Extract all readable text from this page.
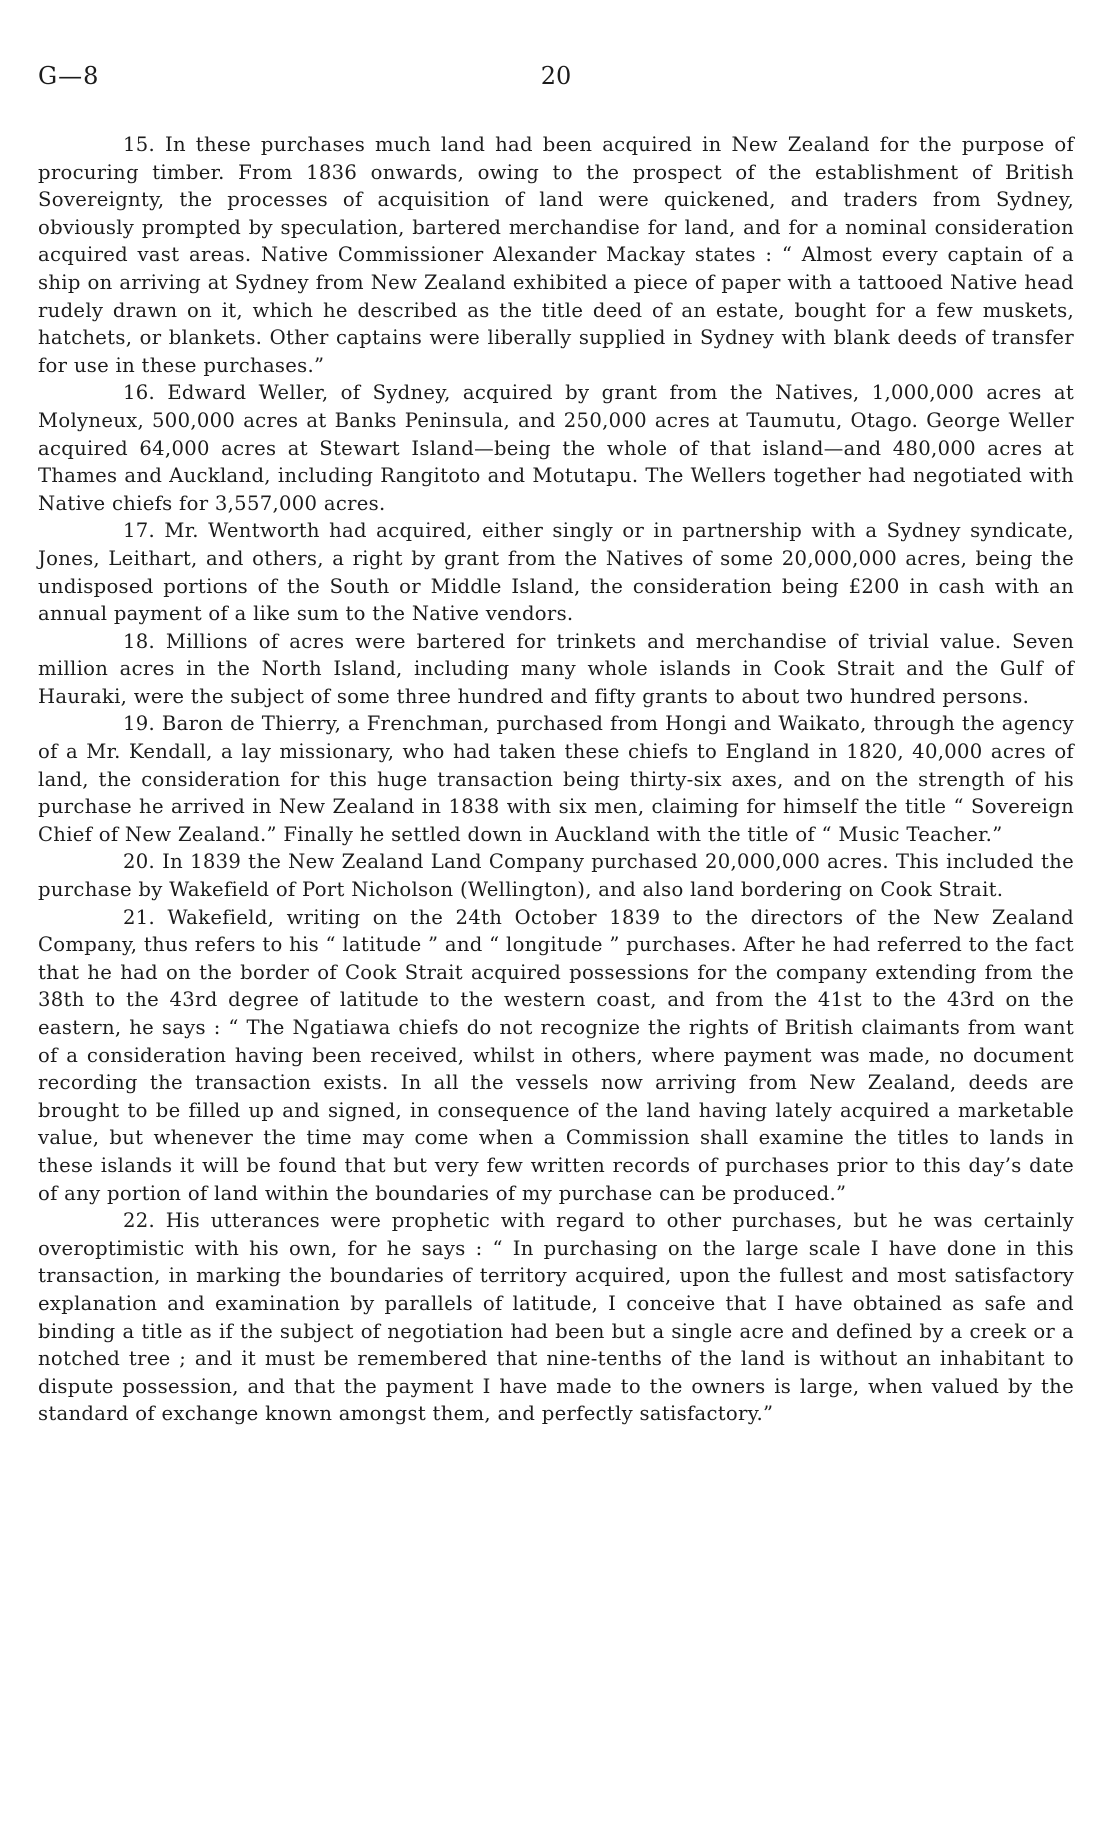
G—8	20

15. In these purchases much land had been acquired in New Zealand for the purpose of procuring timber. From 1836 onwards, owing to the prospect of the establishment of British Sovereignty, the processes of acquisition of land were quickened, and traders from Sydney, obviously prompted by speculation, bartered merchandise for land, and for a nominal consideration acquired vast areas. Native Commissioner Alexander Mackay states : “ Almost every captain of a ship on arriving at Sydney from New Zealand exhibited a piece of paper with a tattooed Native head rudely drawn on it, which he described as the title deed of an estate, bought for a few muskets, hatchets, or blankets. Other captains were liberally supplied in Sydney with blank deeds of transfer for use in these purchases.”

16. Edward Weller, of Sydney, acquired by grant from the Natives, 1,000,000 acres at Molyneux, 500,000 acres at Banks Peninsula, and 250,000 acres at Taumutu, Otago. George Weller acquired 64,000 acres at Stewart Island—being the whole of that island—and 480,000 acres at Thames and Auckland, including Rangitoto and Motutapu. The Wellers together had negotiated with Native chiefs for 3,557,000 acres.

17. Mr. Wentworth had acquired, either singly or in partnership with a Sydney syndicate, Jones, Leithart, and others, a right by grant from the Natives of some 20,000,000 acres, being the undisposed portions of the South or Middle Island, the consideration being £200 in cash with an annual payment of a like sum to the Native vendors.

18. Millions of acres were bartered for trinkets and merchandise of trivial value. Seven million acres in the North Island, including many whole islands in Cook Strait and the Gulf of Hauraki, were the subject of some three hundred and fifty grants to about two hundred persons.

19. Baron de Thierry, a Frenchman, purchased from Hongi and Waikato, through the agency of a Mr. Kendall, a lay missionary, who had taken these chiefs to England in 1820, 40,000 acres of land, the consideration for this huge transaction being thirty-six axes, and on the strength of his purchase he arrived in New Zealand in 1838 with six men, claiming for himself the title “ Sovereign Chief of New Zealand.” Finally he settled down in Auckland with the title of “ Music Teacher.”

20. In 1839 the New Zealand Land Company purchased 20,000,000 acres. This included the purchase by Wakefield of Port Nicholson (Wellington), and also land bordering on Cook Strait.

21. Wakefield, writing on the 24th October 1839 to the directors of the New Zealand Company, thus refers to his “ latitude ” and “ longitude ” purchases. After he had referred to the fact that he had on the border of Cook Strait acquired possessions for the company extending from the 38th to the 43rd degree of latitude to the western coast, and from the 41st to the 43rd on the eastern, he says : “ The Ngatiawa chiefs do not recognize the rights of British claimants from want of a consideration having been received, whilst in others, where payment was made, no document recording the transaction exists. In all the vessels now arriving from New Zealand, deeds are brought to be filled up and signed, in consequence of the land having lately acquired a marketable value, but whenever the time may come when a Commission shall examine the titles to lands in these islands it will be found that but very few written records of purchases prior to this day’s date of any portion of land within the boundaries of my purchase can be produced.”

22. His utterances were prophetic with regard to other purchases, but he was certainly overoptimistic with his own, for he says : “ In purchasing on the large scale I have done in this transaction, in marking the boundaries of territory acquired, upon the fullest and most satisfactory explanation and examination by parallels of latitude, I conceive that I have obtained as safe and binding a title as if the subject of negotiation had been but a single acre and defined by a creek or a notched tree ; and it must be remembered that nine-tenths of the land is without an inhabitant to dispute possession, and that the payment I have made to the owners is large, when valued by the standard of exchange known amongst them, and perfectly satisfactory.”
